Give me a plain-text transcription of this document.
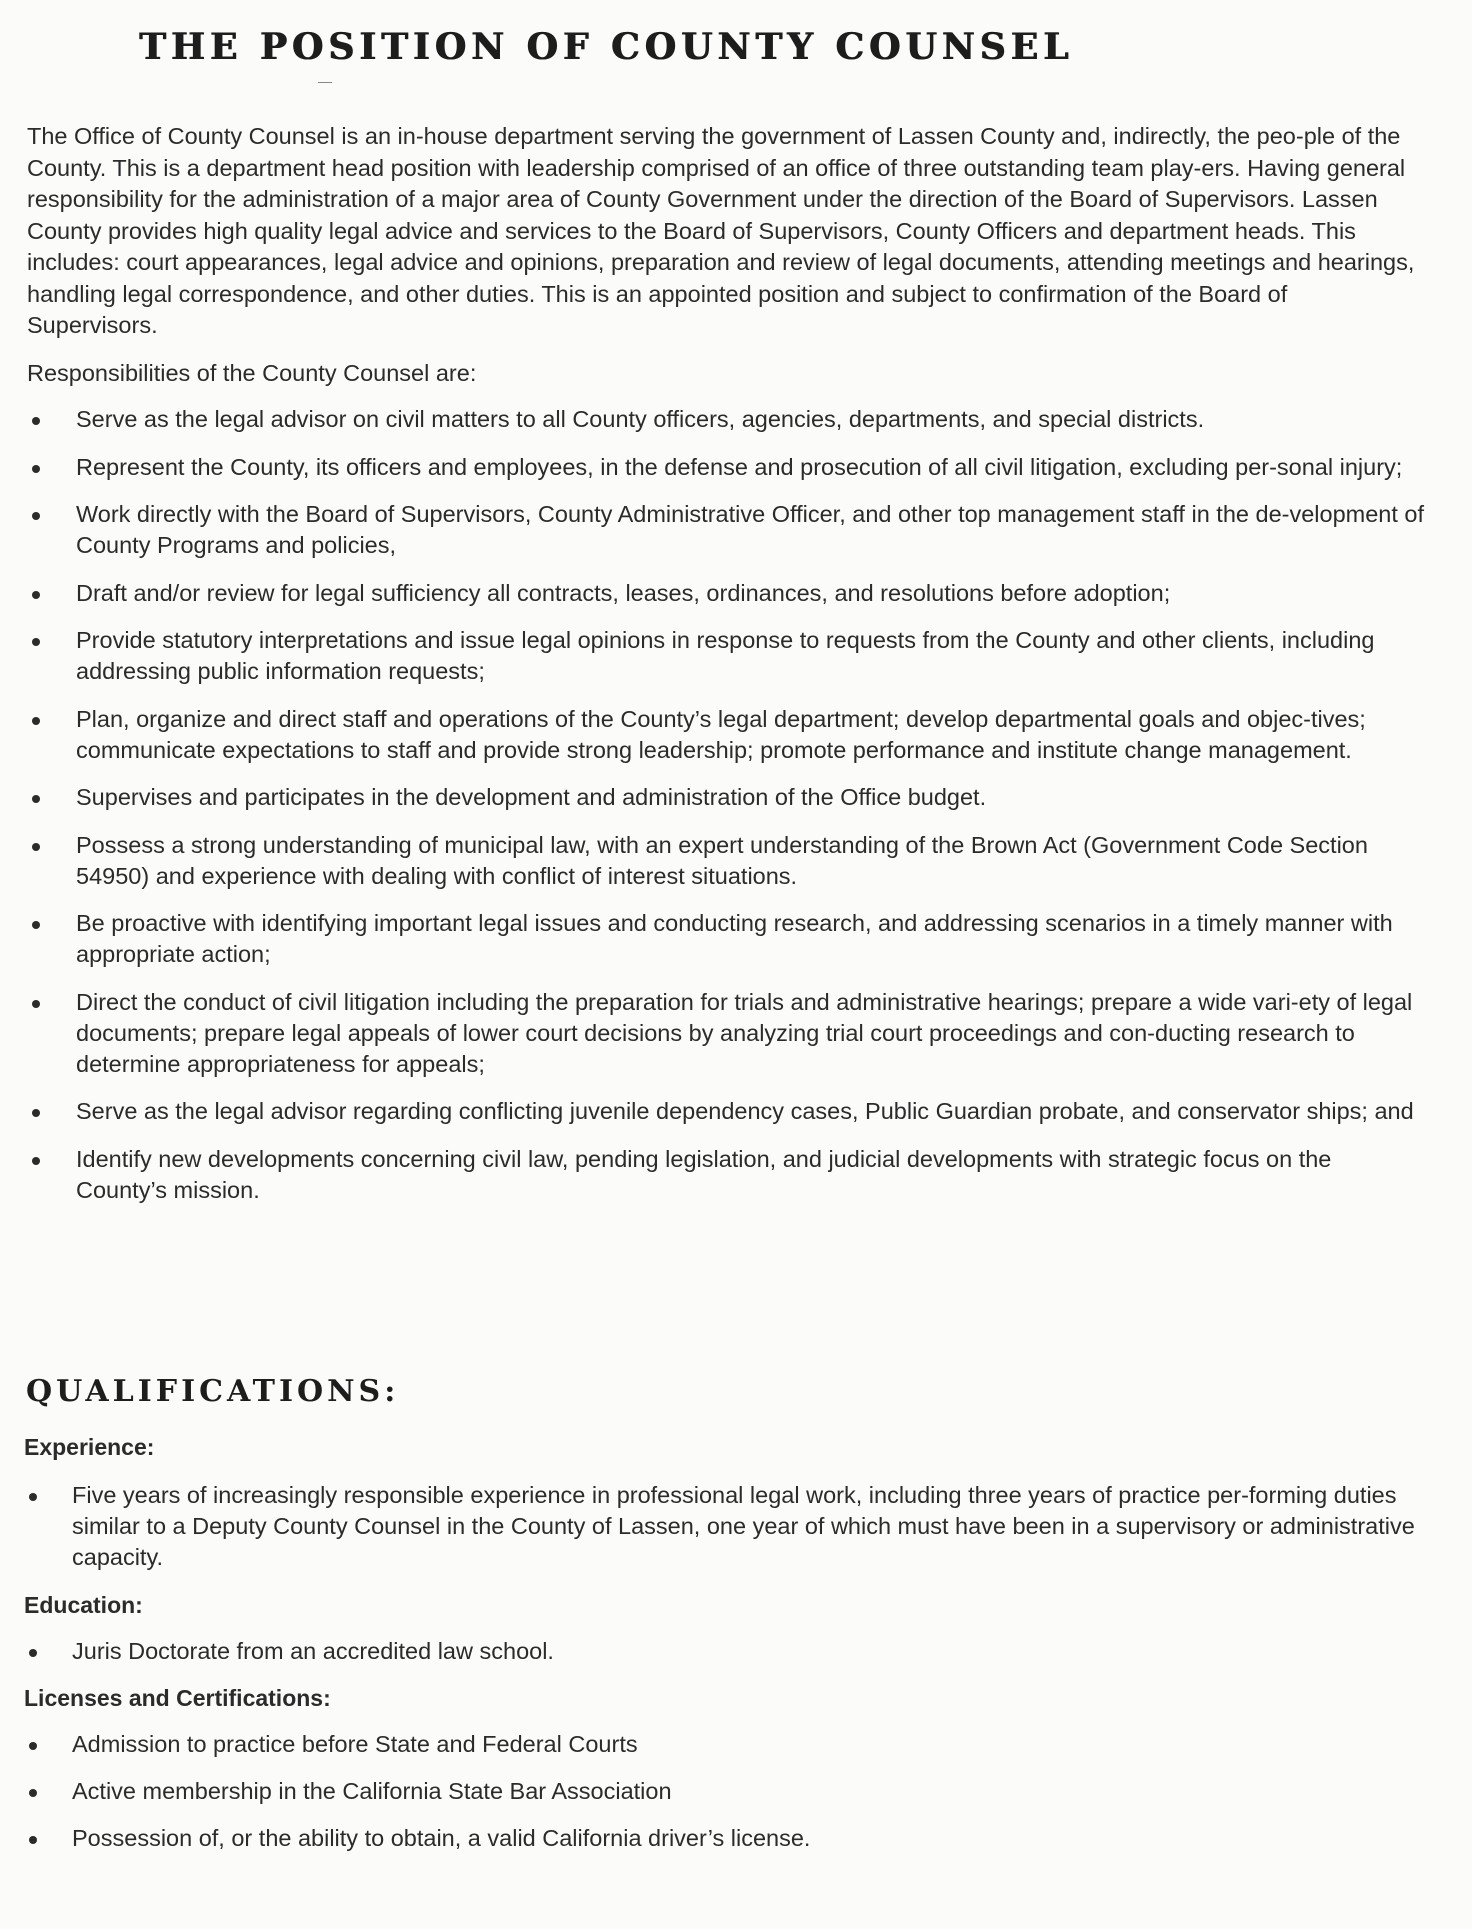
THE POSITION OF COUNTY COUNSEL

The Office of County Counsel is an in-house department serving the government of Lassen County and, indirectly, the peo-ple of the County. This is a department head position with leadership comprised of an office of three outstanding team play-ers. Having general responsibility for the administration of a major area of County Government under the direction of the Board of Supervisors. Lassen County provides high quality legal advice and services to the Board of Supervisors, County Officers and department heads. This includes: court appearances, legal advice and opinions, preparation and review of legal documents, attending meetings and hearings, handling legal correspondence, and other duties. This is an appointed position and subject to confirmation of the Board of Supervisors.

Responsibilities of the County Counsel are:

Serve as the legal advisor on civil matters to all County officers, agencies, departments, and special districts.
Represent the County, its officers and employees, in the defense and prosecution of all civil litigation, excluding per-sonal injury;
Work directly with the Board of Supervisors, County Administrative Officer, and other top management staff in the de-velopment of County Programs and policies,
Draft and/or review for legal sufficiency all contracts, leases, ordinances, and resolutions before adoption;
Provide statutory interpretations and issue legal opinions in response to requests from the County and other clients, including addressing public information requests;
Plan, organize and direct staff and operations of the County’s legal department; develop departmental goals and objec-tives; communicate expectations to staff and provide strong leadership; promote performance and institute change management.
Supervises and participates in the development and administration of the Office budget.
Possess a strong understanding of municipal law, with an expert understanding of the Brown Act (Government Code Section 54950) and experience with dealing with conflict of interest situations.
Be proactive with identifying important legal issues and conducting research, and addressing scenarios in a timely manner with appropriate action;
Direct the conduct of civil litigation including the preparation for trials and administrative hearings; prepare a wide vari-ety of legal documents; prepare legal appeals of lower court decisions by analyzing trial court proceedings and con-ducting research to determine appropriateness for appeals;
Serve as the legal advisor regarding conflicting juvenile dependency cases, Public Guardian probate, and conservator ships; and
Identify new developments concerning civil law, pending legislation, and judicial developments with strategic focus on the County’s mission.
QUALIFICATIONS:
Experience:
Five years of increasingly responsible experience in professional legal work, including three years of practice per-forming duties similar to a Deputy County Counsel in the County of Lassen, one year of which must have been in a supervisory or administrative capacity.
Education:
Juris Doctorate from an accredited law school.
Licenses and Certifications:
Admission to practice before State and Federal Courts
Active membership in the California State Bar Association
Possession of, or the ability to obtain, a valid California driver’s license.
